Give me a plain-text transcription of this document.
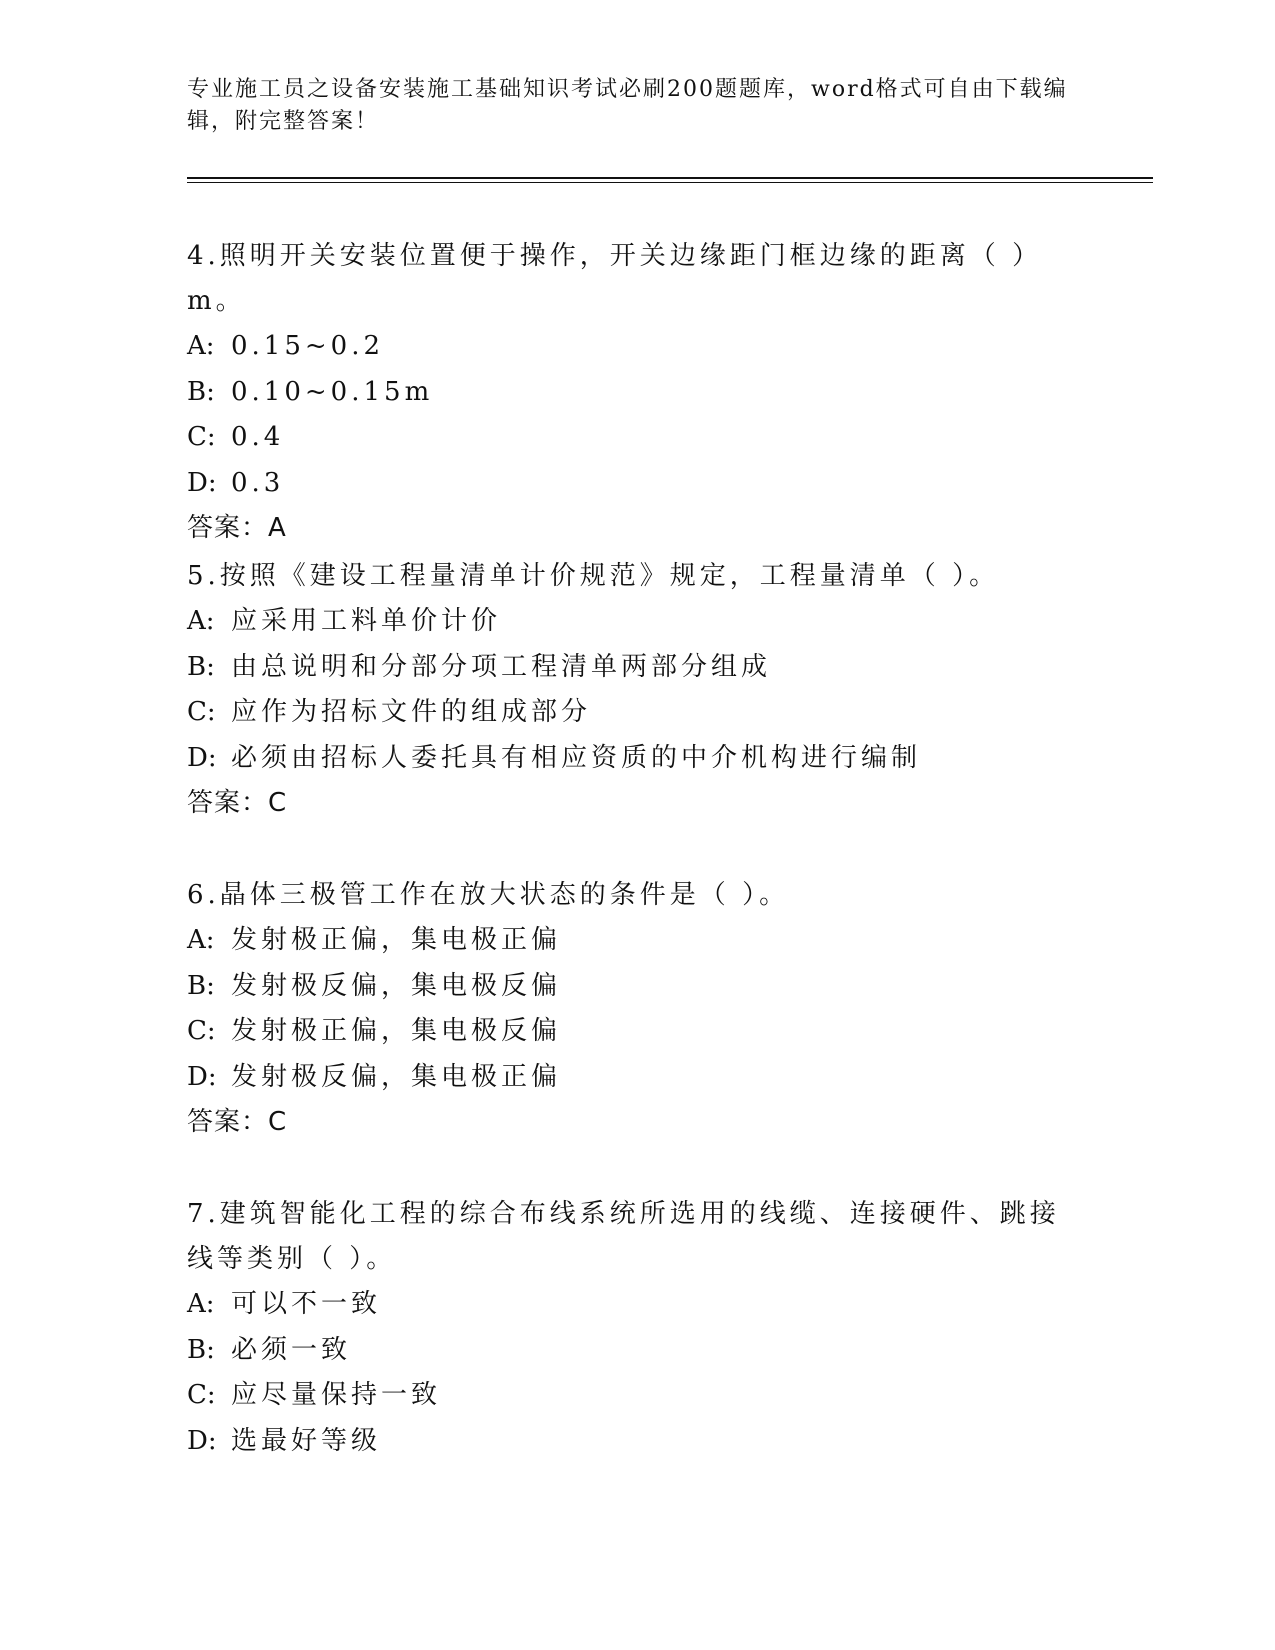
专业施工员之设备安装施工基础知识考试必刷200题题库，word格式可自由下载编辑，附完整答案！
4.照明开关安装位置便于操作，开关边缘距门框边缘的距离（ ）m。
A: 0.15~0.2
B: 0.10~0.15m
C: 0.4
D: 0.3
答案：A
5.按照《建设工程量清单计价规范》规定，工程量清单（ ）。
A: 应采用工料单价计价
B: 由总说明和分部分项工程清单两部分组成
C: 应作为招标文件的组成部分
D: 必须由招标人委托具有相应资质的中介机构进行编制
答案：C
6.晶体三极管工作在放大状态的条件是（ ）。
A: 发射极正偏，集电极正偏
B: 发射极反偏，集电极反偏
C: 发射极正偏，集电极反偏
D: 发射极反偏，集电极正偏
答案：C
7.建筑智能化工程的综合布线系统所选用的线缆、连接硬件、跳接线等类别（ ）。
A: 可以不一致
B: 必须一致
C: 应尽量保持一致
D: 选最好等级
